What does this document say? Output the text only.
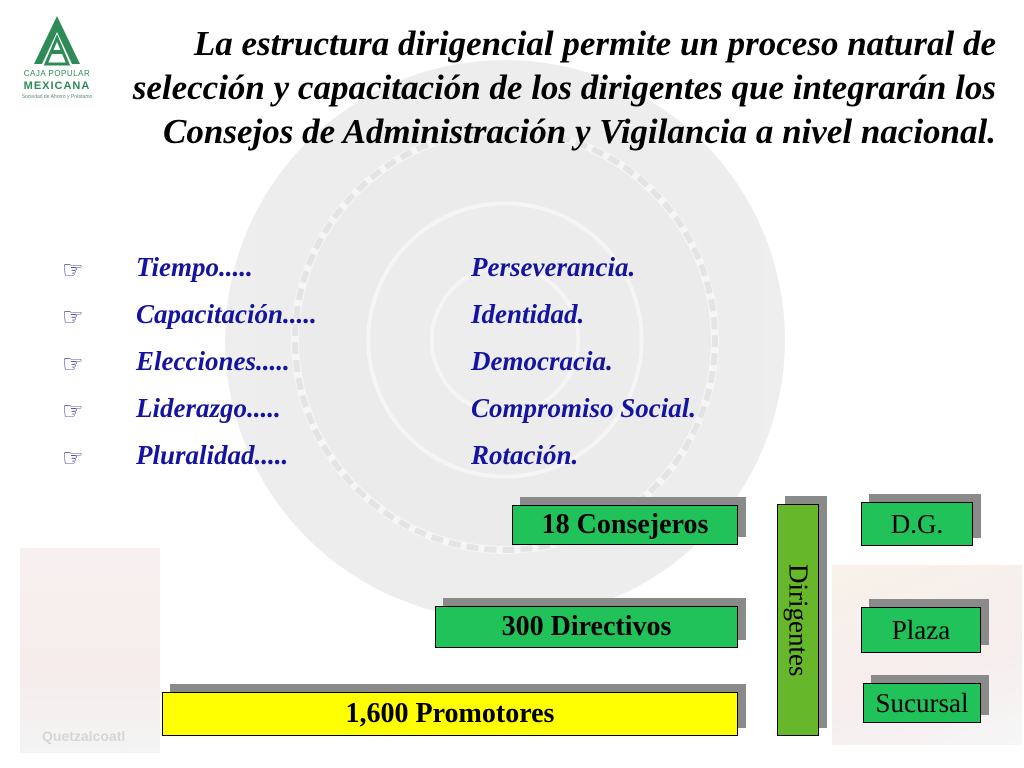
Quetzalcoatl
CAJA POPULAR
MEXICANA
Sociedad de Ahorro y Préstamo
La estructura dirigencial permite un proceso natural de selección y capacitación de los dirigentes que integrarán los Consejos de Administración y Vigilancia a nivel nacional.
☞ Tiempo.....	Perseverancia.
☞ Capacitación.....	Identidad.
☞ Elecciones.....	Democracia.
☞ Liderazgo.....	Compromiso Social.
☞ Pluralidad.....	Rotación.
18 Consejeros
300 Directivos
1,600 Promotores
Dirigentes
D.G.
Plaza
Sucursal
